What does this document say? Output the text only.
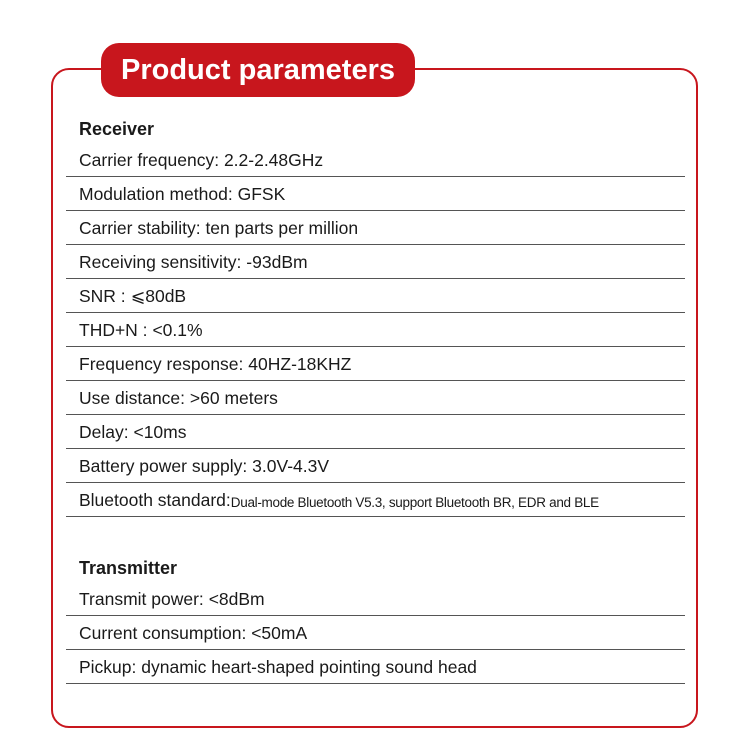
Product parameters
Receiver
Carrier frequency:
2.2-2.48GHz
Modulation method:
GFSK
Carrier stability:
ten parts per million
Receiving sensitivity:
-93dBm
SNR :
⩽80dB
THD+N :
<0.1%
Frequency response:
40HZ-18KHZ
Use distance:
>60 meters
Delay:
<10ms
Battery power supply:
3.0V-4.3V
Bluetooth standard: Dual-mode Bluetooth V5.3, support Bluetooth BR, EDR and BLE
Transmitter
Transmit power:
<8dBm
Current consumption:
<50mA
Pickup:
dynamic heart-shaped pointing sound head
